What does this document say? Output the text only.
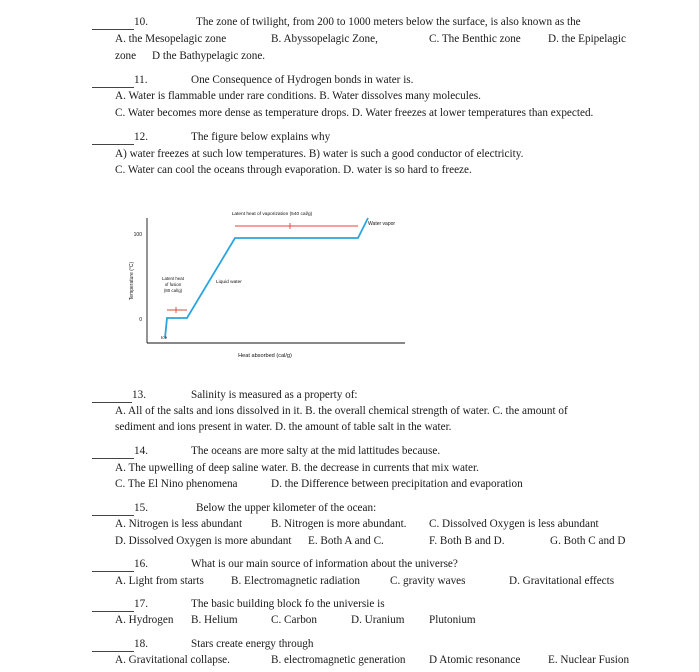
10.	The zone of twilight, from 200 to 1000 meters below the surface, is also known as the
A. the Mesopelagic zone	B. Abyssopelagic Zone,	C. The Benthic zone D. the Epipelagic
zone D the Bathypelagic zone.
11.	One Consequence of Hydrogen bonds in water is.
A. Water is flammable under rare conditions. B. Water dissolves many molecules.
C. Water becomes more dense as temperature drops. D. Water freezes at lower temperatures than expected.
12.	The figure below explains why
A) water freezes at such low temperatures. B) water is such a good conductor of electricity.
C. Water can cool the oceans through evaporation. D. water is so hard to freeze.
100
0
Temperature (°C)
Heat absorbed (cal/g)
Latent heat of vaporization (540 cal/g)
Latent heat
of fusion
(80 cal/g)
Ice
Liquid water
Water vapor
13.	Salinity is measured as a property of:
A. All of the salts and ions dissolved in it. B. the overall chemical strength of water. C. the amount of
sediment and ions present in water. D. the amount of table salt in the water.
14.	The oceans are more salty at the mid lattitudes because.
A. The upwelling of deep saline water. B. the decrease in currents that mix water.
C. The El Nino phenomena	D. the Difference between precipitation and evaporation
15.	Below the upper kilometer of the ocean:
A. Nitrogen is less abundant	B. Nitrogen is more abundant. C. Dissolved Oxygen is less abundant
D. Dissolved Oxygen is more abundant E. Both A and C.	F. Both B and D.	G. Both C and D
16.	What is our main source of information about the universe?
A. Light from starts B. Electromagnetic radiation	C. gravity waves	D. Gravitational effects
17.	The basic building block fo the universie is
A. Hydrogen B. Helium	C. Carbon	D. Uranium Plutonium
18.	Stars create energy through
A. Gravitational collapse.	B. electromagnetic generation D Atomic resonance E. Nuclear Fusion
